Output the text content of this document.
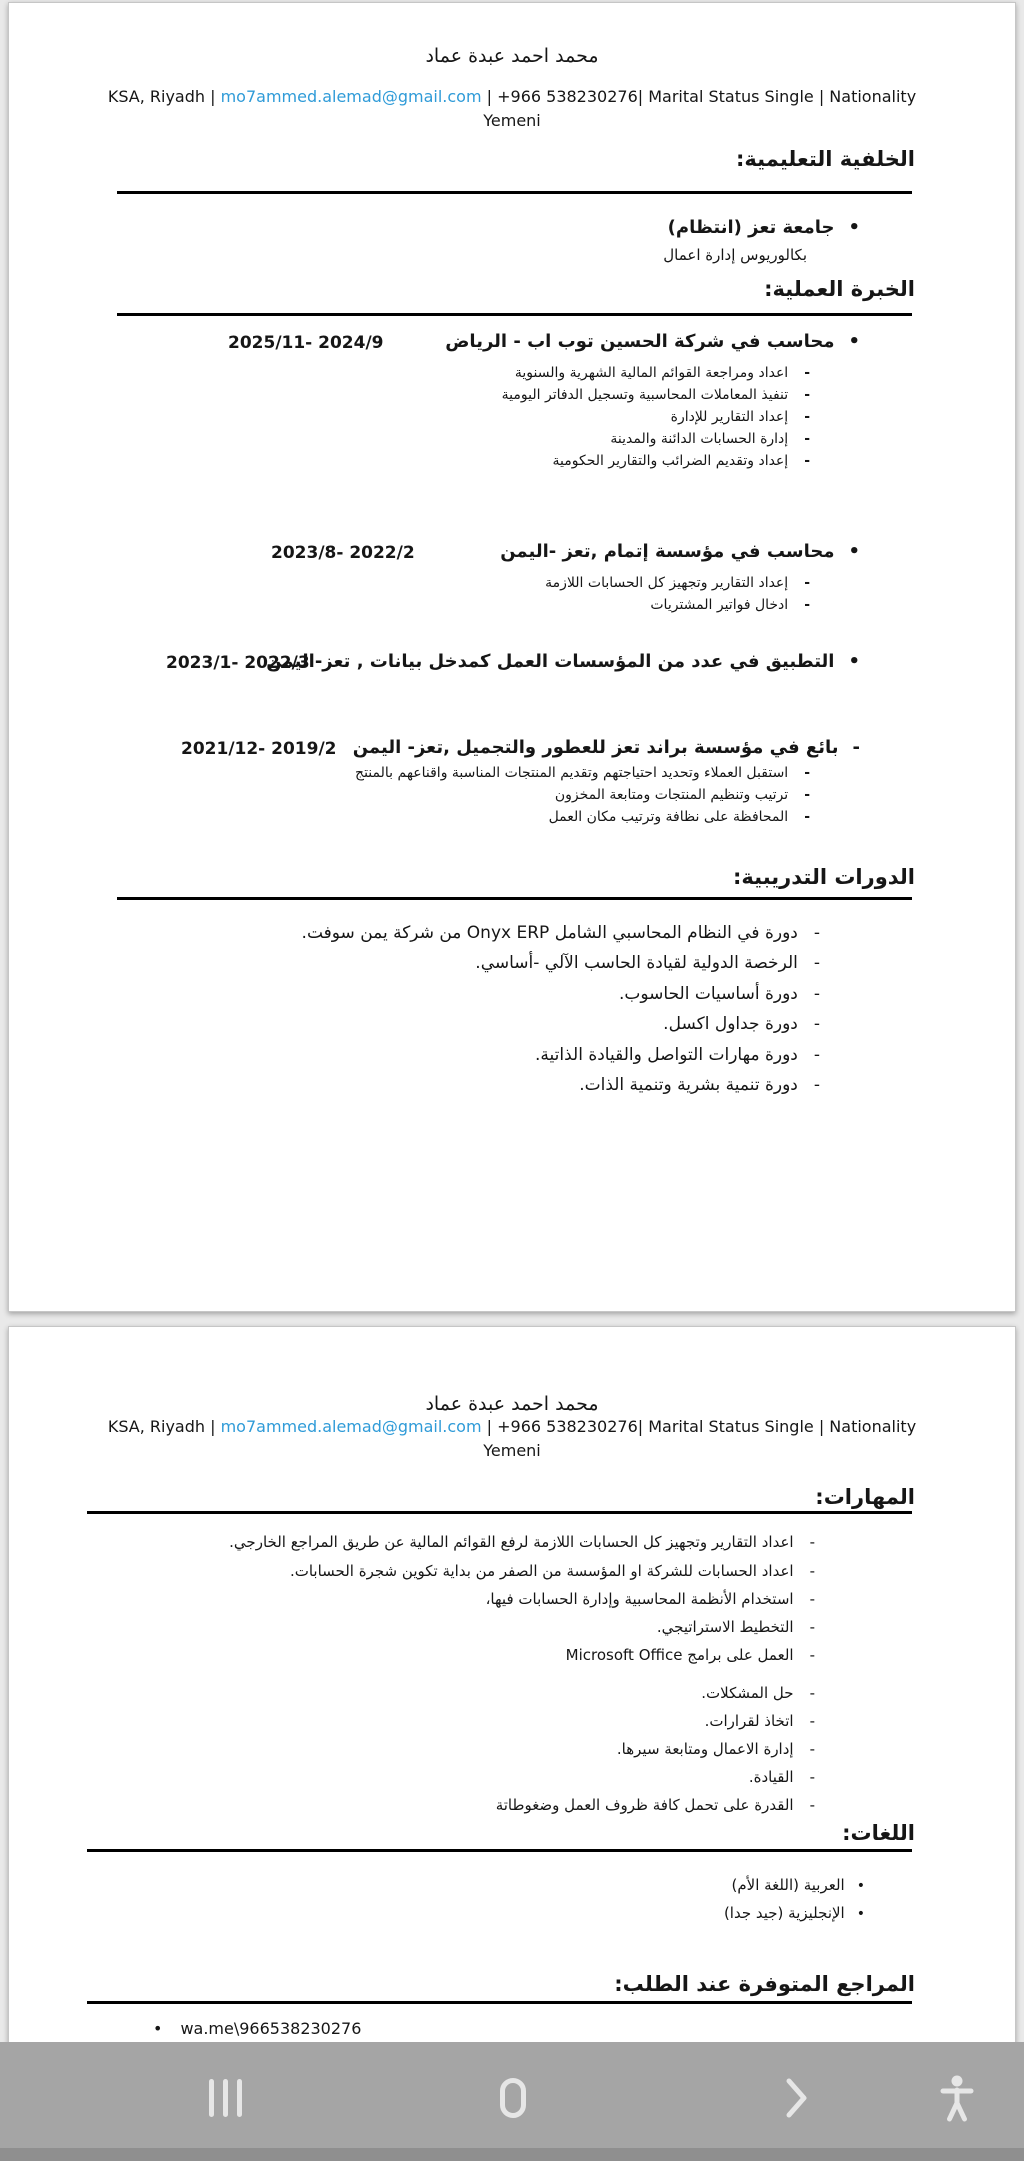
محمد احمد عبدة عماد
KSA, Riyadh | mo7ammed.alemad@gmail.com | +966 538230276| Marital Status Single | Nationality
Yemeni
الخلفية التعليمية:
•
جامعة تعز (انتظام)
بكالوريوس إدارة اعمال
الخبرة العملية:
•
محاسب في شركة الحسين توب اب - الرياض
2025/11- 2024/9
-
اعداد ومراجعة القوائم المالية الشهرية والسنوية
-
تنفيذ المعاملات المحاسبية وتسجيل الدفاتر اليومية
-
إعداد التقارير للإدارة
-
إدارة الحسابات الدائنة والمدينة
-
إعداد وتقديم الضرائب والتقارير الحكومية
•
محاسب في مؤسسة إتمام ,تعز -اليمن
2023/8- 2022/2
-
إعداد التقارير وتجهيز كل الحسابات اللازمة
-
ادخال فواتير المشتريات
•
التطبيق في عدد من المؤسسات العمل كمدخل بيانات , تعز-اليمن
2023/1- 2022/3
-
بائع في مؤسسة براند تعز للعطور والتجميل ,تعز- اليمن
2021/12- 2019/2
-
استقبل العملاء وتحديد احتياجتهم وتقديم المنتجات المناسبة واقناعهم بالمنتج
-
ترتيب وتنظيم المنتجات ومتابعة المخزون
-
المحافظة على نظافة وترتيب مكان العمل
الدورات التدريبية:
-
دورة في النظام المحاسبي الشامل Onyx ERP من شركة يمن سوفت.
-
الرخصة الدولية لقيادة الحاسب الآلي -أساسي.
-
دورة أساسيات الحاسوب.
-
دورة جداول اكسل.
-
دورة مهارات التواصل والقيادة الذاتية.
-
دورة تنمية بشرية وتنمية الذات.
محمد احمد عبدة عماد
KSA, Riyadh | mo7ammed.alemad@gmail.com | +966 538230276| Marital Status Single | Nationality
Yemeni
المهارات:
-
اعداد التقارير وتجهيز كل الحسابات اللازمة لرفع القوائم المالية عن طريق المراجع الخارجي.
-
اعداد الحسابات للشركة او المؤسسة من الصفر من بداية تكوين شجرة الحسابات.
-
استخدام الأنظمة المحاسبية وإدارة الحسابات فيها،
-
التخطيط الاستراتيجي.
-
العمل على برامج Microsoft Office
-
حل المشكلات.
-
اتخاذ لقرارات.
-
إدارة الاعمال ومتابعة سيرها.
-
القيادة.
-
القدرة على تحمل كافة ظروف العمل وضغوطاتة
اللغات:
•
العربية (اللغة الأم)
•
الإنجليزية (جيد جدا)
المراجع المتوفرة عند الطلب:
• wa.me\966538230276
